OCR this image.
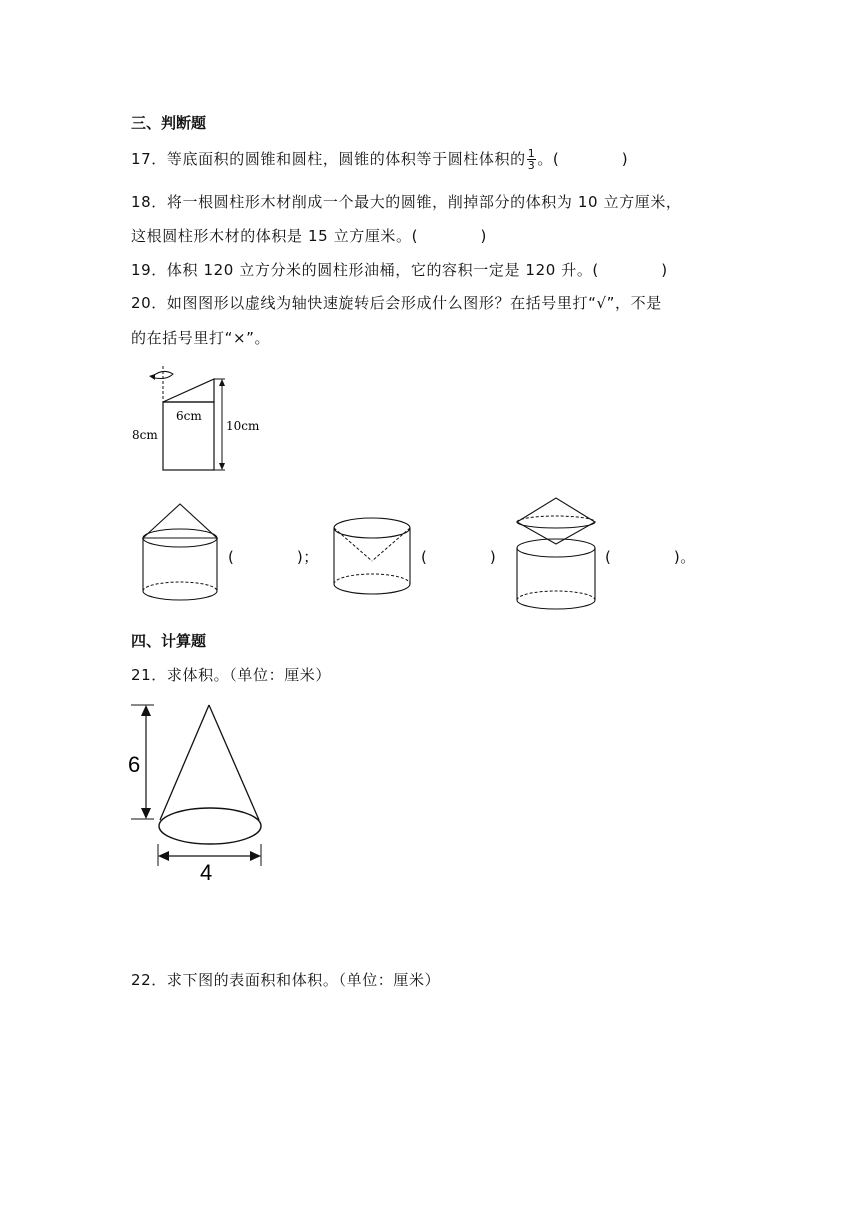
三、判断题
17．等底面积的圆锥和圆柱，圆锥的体积等于圆柱体积的 $\frac{1}{3}$ 。(　　　　)
18．将一根圆柱形木材削成一个最大的圆锥，削掉部分的体积为 10 立方厘米，
这根圆柱形木材的体积是 15 立方厘米。(　　　　)
19．体积 120 立方分米的圆柱形油桶，它的容积一定是 120 升。(　　　　)
20．如图图形以虚线为轴快速旋转后会形成什么图形？在括号里打“√”，不是
的在括号里打“×”。
6cm
8cm
10cm
(　　　　)；	(　　　　)	(　　　　)。
四、计算题
21．求体积。（单位：厘米）
6
4
22．求下图的表面积和体积。（单位：厘米）
